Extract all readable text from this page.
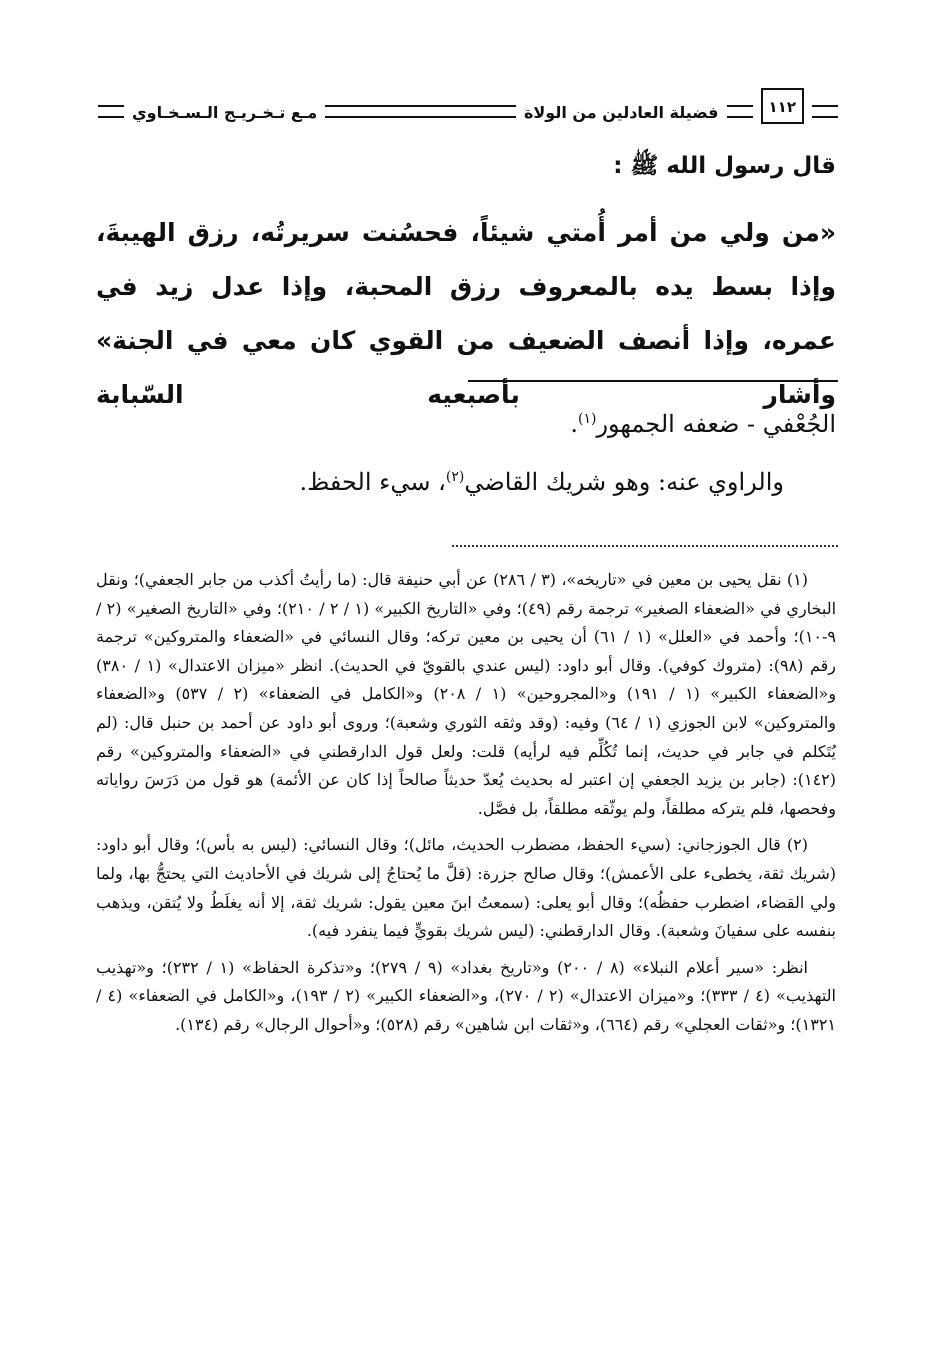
١١٢
فضيلة العادلين من الولاة
مـع تـخـريـج الـسـخـاوي
قال رسول الله ﷺ :

«من ولي من أمر أُمتي شيئاً، فحسُنت سريرتُه، رزق الهيبةَ، وإذا بسط يده بالمعروف رزق المحبة، وإذا عدل زيد في عمره، وإذا أنصف الضعيف من القوي كان معي في الجنة» وأشار بأصبعيه السّبابة

الجُعْفي - ضعفه الجمهور$^{(١)}$.

والراوي عنه: وهو شريك القاضي$^{(٢)}$، سيء الحفظ.

(١) نقل يحيى بن معين في «تاريخه»، (٣ / ٢٨٦) عن أبي حنيفة قال: (ما رأيتُ أكذب من جابر الجعفي)؛ ونقل البخاري في «الضعفاء الصغير» ترجمة رقم (٤٩)؛ وفي «التاريخ الكبير» (١ / ٢ / ٢١٠)؛ وفي «التاريخ الصغير» (٢ / ٩-١٠)؛ وأحمد في «العلل» (١ / ٦١) أن يحيى بن معين تركه؛ وقال النسائي في «الضعفاء والمتروكين» ترجمة رقم (٩٨): (متروك كوفي). وقال أبو داود: (ليس عندي بالقويّ في الحديث). انظر «ميزان الاعتدال» (١ / ٣٨٠) و«الضعفاء الكبير» (١ / ١٩١) و«المجروحين» (١ / ٢٠٨) و«الكامل في الضعفاء» (٢ / ٥٣٧) و«الضعفاء والمتروكين» لابن الجوزي (١ / ٦٤) وفيه: (وقد وثقه الثوري وشعبة)؛ وروى أبو داود عن أحمد بن حنبل قال: (لم يُتَكلم في جابر في حديث، إنما تُكُلِّم فيه لرأيه) قلت: ولعل قول الدارقطني في «الضعفاء والمتروكين» رقم (١٤٢): (جابر بن يزيد الجعفي إن اعتبر له بحديث يُعدّ حديثاً صالحاً إذا كان عن الأئمة) هو قول من دَرَسَ رواياته وفحصها، فلم يتركه مطلقاً، ولم يوثّقه مطلقاً، بل فصَّل.

(٢) قال الجوزجاني: (سيء الحفظ، مضطرب الحديث، مائل)؛ وقال النسائي: (ليس به بأس)؛ وقال أبو داود: (شريك ثقة، يخطىء على الأعمش)؛ وقال صالح جزرة: (قلَّ ما يُحتاجُ إلى شريك في الأحاديث التي يحتجُّ بها، ولما ولي القضاء، اضطرب حفظُه)؛ وقال أبو يعلى: (سمعتُ ابنَ معين يقول: شريك ثقة، إلا أنه يغلَطُ ولا يُتقن، ويذهب بنفسه على سفيانَ وشعبة). وقال الدارقطني: (ليس شريك بقويٍّ فيما ينفرد فيه).

انظر: «سير أعلام النبلاء» (٨ / ٢٠٠) و«تاريخ بغداد» (٩ / ٢٧٩)؛ و«تذكرة الحفاظ» (١ / ٢٣٢)؛ و«تهذيب التهذيب» (٤ / ٣٣٣)؛ و«ميزان الاعتدال» (٢ / ٢٧٠)، و«الضعفاء الكبير» (٢ / ١٩٣)، و«الكامل في الضعفاء» (٤ / ١٣٢١)؛ و«ثقات العجلي» رقم (٦٦٤)، و«ثقات ابن شاهين» رقم (٥٢٨)؛ و«أحوال الرجال» رقم (١٣٤).
